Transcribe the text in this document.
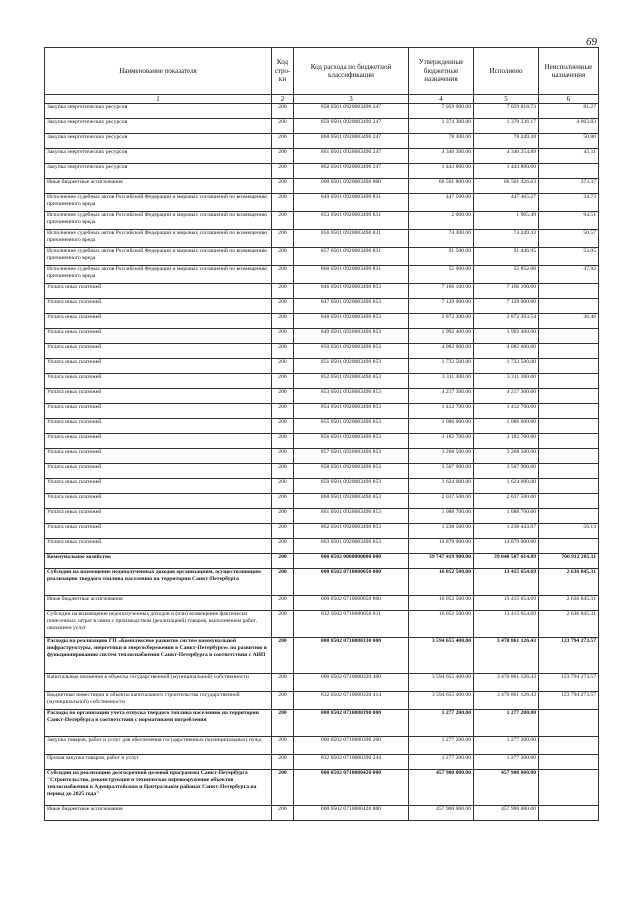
69
Наименование показателя	Код стро-ки	Код расхода по бюджетной классификации	Утвержденные бюджетные назначения	Исполнено	Неисполненные назначения
1	2	3	4	5	6
Закупка энергетических ресурсов	200	858 0501 0920083490 247	7 059 900.00	7 059 818.73	81.27
Закупка энергетических ресурсов	200	859 0501 0920083490 247	1 374 300.00	1 370 236.17	4 063.83
Закупка энергетических ресурсов	200	860 0501 0920083490 247	78 300.00	78 249.20	50.80
Закупка энергетических ресурсов	200	861 0501 0920083490 247	4 340 300.00	4 340 254.89	45.11
Закупка энергетических ресурсов	200	862 0501 0920083490 247	1 443 800.00	1 443 800.00	
Иные бюджетные ассигнования	200	000 0501 0920083490 800	66 501 800.00	66 501 426.63	373.37
Исполнение судебных актов Российской Федерации и мировых соглашений по возмещению причиненного вреда	200	849 0501 0920083490 831	447 500.00	447 465.27	34.73
Исполнение судебных актов Российской Федерации и мировых соглашений по возмещению причиненного вреда	200	853 0501 0920083490 831	2 000.00	1 905.49	94.51
Исполнение судебных актов Российской Федерации и мировых соглашений по возмещению причиненного вреда	200	856 0501 0920083490 831	74 300.00	74 249.43	50.57
Исполнение судебных актов Российской Федерации и мировых соглашений по возмещению причиненного вреда	200	857 0501 0920083490 831	91 500.00	91 446.95	53.05
Исполнение судебных актов Российской Федерации и мировых соглашений по возмещению причиненного вреда	200	860 0501 0920083490 831	55 900.00	55 852.08	47.92
Уплата иных платежей	200	846 0501 0920083490 853	7 166 100.00	7 166 100.00	
Уплата иных платежей	200	847 0501 0920083490 853	7 129 000.00	7 129 000.00	
Уплата иных платежей	200	848 0501 0920083490 853	2 872 300.00	2 872 263.54	36.46
Уплата иных платежей	200	849 0501 0920083490 853	1 992 400.00	1 992 400.00	
Уплата иных платежей	200	850 0501 0920083490 853	4 082 600.00	4 082 600.00	
Уплата иных платежей	200	851 0501 0920083490 853	1 733 500.00	1 733 500.00	
Уплата иных платежей	200	852 0501 0920083490 853	3 311 300.00	3 311 300.00	
Уплата иных платежей	200	853 0501 0920083490 853	4 217 300.00	4 217 300.00	
Уплата иных платежей	200	854 0501 0920083490 853	1 412 700.00	1 412 700.00	
Уплата иных платежей	200	855 0501 0920083490 853	1 086 600.00	1 086 600.00	
Уплата иных платежей	200	856 0501 0920083490 853	3 182 700.00	3 182 700.00	
Уплата иных платежей	200	857 0501 0920083490 853	3 268 500.00	3 268 500.00	
Уплата иных платежей	200	858 0501 0920083490 853	3 507 900.00	3 507 900.00	
Уплата иных платежей	200	859 0501 0920083490 853	1 624 000.00	1 624 000.00	
Уплата иных платежей	200	860 0501 0920083490 853	2 037 500.00	2 037 500.00	
Уплата иных платежей	200	861 0501 0920083490 853	1 088 700.00	1 088 700.00	
Уплата иных платежей	200	862 0501 0920083490 853	1 238 500.00	1 238 443.87	56.13
Уплата иных платежей	200	863 0501 0920083490 853	14 879 000.00	14 879 000.00	
Коммунальное хозяйство	200	000 0502 0000000000 000	39 747 419 900.00	39 040 507 614.89	706 912 285.11
Субсидии на возмещение недополученных доходов организациям, осуществляющим реализацию твердого топлива населению на территории Санкт-Петербурга	200	000 0502 0710080050 000	16 052 500.00	13 415 654.69	2 636 845.31
Иные бюджетные ассигнования	200	000 0502 0710080050 800	16 052 500.00	13 415 654.69	2 636 845.31
Субсидии на возмещение недополученных доходов и (или) возмещение фактически понесенных затрат в связи с производством (реализацией) товаров, выполнением работ, оказанием услуг	200	832 0502 0710080050 811	16 052 500.00	13 415 654.69	2 636 845.31
Расходы на реализацию ГП «Комплексное развитие систем коммунальной инфраструктуры, энергетики и энергосбережения в Санкт-Петербурге» по развитию и функционированию систем теплоснабжения Санкт-Петербурга в соответствии с АИП	200	000 0502 0710080330 000	3 594 655 400.00	3 470 861 126.43	123 794 273.57
Капитальные вложения в объекты государственной (муниципальной) собственности	200	000 0502 0710080330 400	3 594 655 400.00	3 470 861 126.43	123 794 273.57
Бюджетные инвестиции в объекты капитального строительства государственной (муниципальной) собственности	200	832 0502 0710080330 414	3 594 655 400.00	3 470 861 126.43	123 794 273.57
Расходы по организации учета отпуска твердого топлива населению на территории Санкт-Петербурга в соответствии с нормативами потребления	200	000 0502 0710080390 000	1 277 200.00	1 277 200.00	
Закупка товаров, работ и услуг для обеспечения государственных (муниципальных) нужд	200	000 0502 0710080390 200	1 277 200.00	1 277 200.00	
Прочая закупка товаров, работ и услуг	200	832 0502 0710080390 244	1 277 200.00	1 277 200.00	
Субсидии на реализацию долгосрочной целевой программы Санкт-Петербурга "Строительство, реконструкция и техническое перевооружение объектов теплоснабжения в Адмиралтейском и Центральном районах Санкт-Петербурга на период до 2025 года"	200	000 0502 0710080420 000	457 900 000.00	457 900 000.00	
Иные бюджетные ассигнования	200	000 0502 0710080420 800	457 900 000.00	457 900 000.00	
